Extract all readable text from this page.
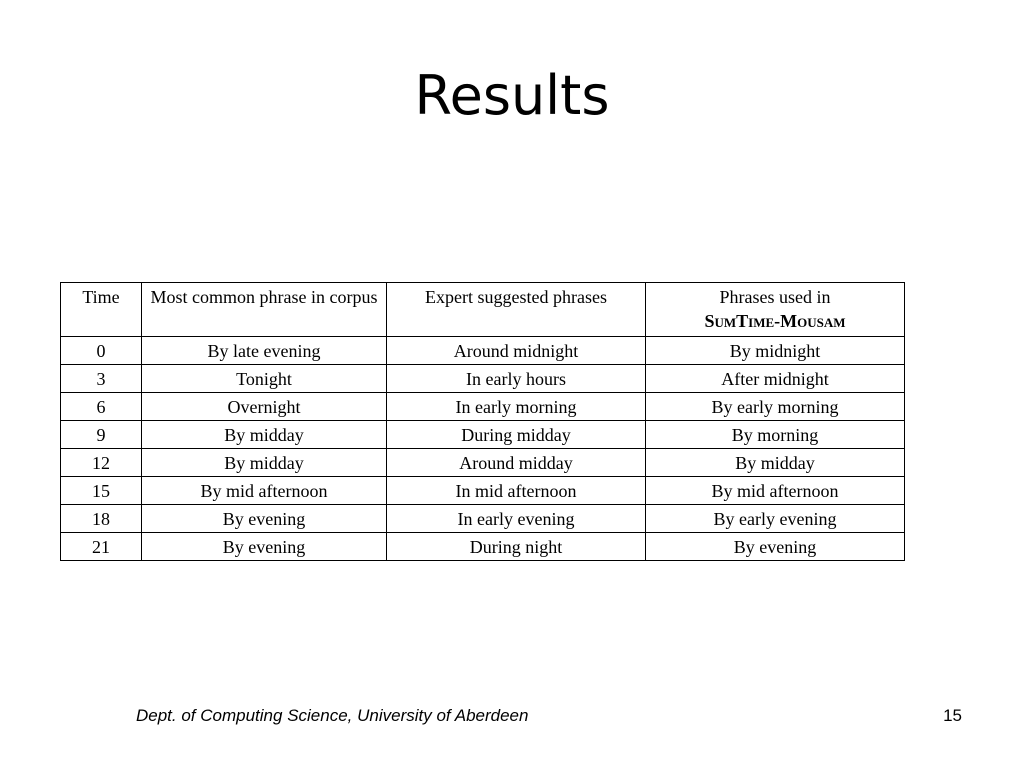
Results
Time	Most common phrase in corpus	Expert suggested phrases	Phrases used in
SumTime-Mousam
0	By late evening	Around midnight	By midnight
3	Tonight	In early hours	After midnight
6	Overnight	In early morning	By early morning
9	By midday	During midday	By morning
12	By midday	Around midday	By midday
15	By mid afternoon	In mid afternoon	By mid afternoon
18	By evening	In early evening	By early evening
21	By evening	During night	By evening
Dept. of Computing Science, University of Aberdeen	15
